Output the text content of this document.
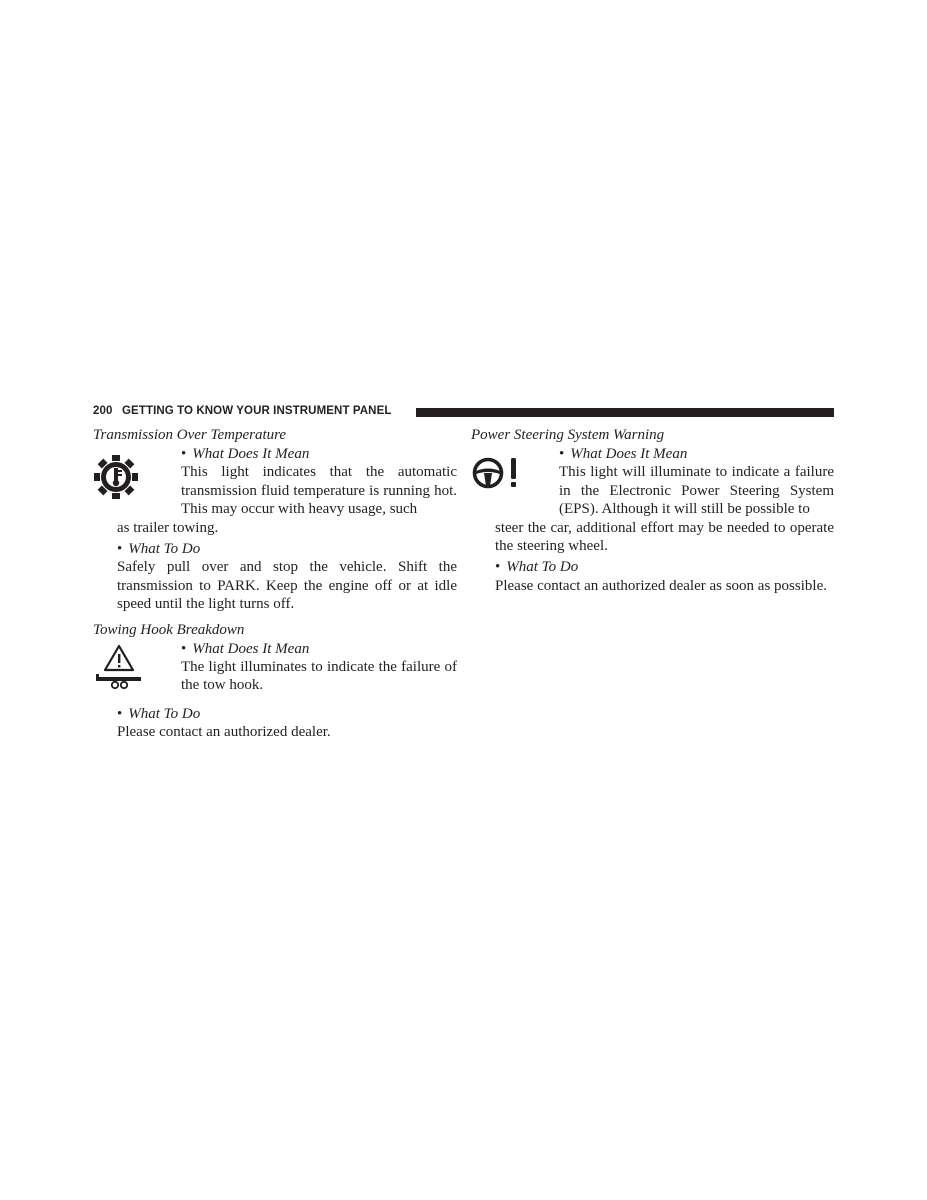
200 GETTING TO KNOW YOUR INSTRUMENT PANEL

Transmission Over Temperature

• What Does It Mean

This light indicates that the automatic transmission fluid temperature is running hot. This may occur with heavy usage, such

as trailer towing.

• What To Do

Safely pull over and stop the vehicle. Shift the transmission to PARK. Keep the engine off or at idle speed until the light turns off.

Towing Hook Breakdown

• What Does It Mean

The light illuminates to indicate the failure of the tow hook.

• What To Do

Please contact an authorized dealer.

Power Steering System Warning

• What Does It Mean

This light will illuminate to indicate a failure in the Electronic Power Steering System (EPS). Although it will still be possible to

steer the car, additional effort may be needed to operate the steering wheel.

• What To Do

Please contact an authorized dealer as soon as possible.
